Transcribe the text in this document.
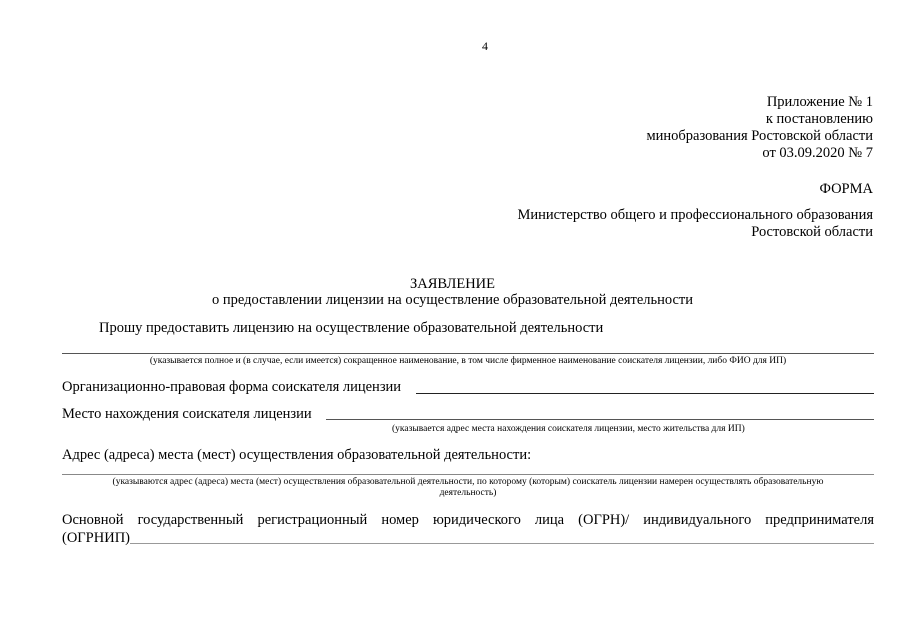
4
Приложение № 1
к постановлению
минобразования Ростовской области
от 03.09.2020 № 7
ФОРМА
Министерство общего и профессионального образования
Ростовской области
ЗАЯВЛЕНИЕ
о предоставлении лицензии на осуществление образовательной деятельности
Прошу предоставить лицензию на осуществление образовательной деятельности
(указывается полное и (в случае, если имеется) сокращенное наименование, в том числе фирменное наименование соискателя лицензии, либо ФИО для ИП)
Организационно-правовая форма соискателя лицензии
Место нахождения соискателя лицензии
(указывается адрес места нахождения соискателя лицензии, место жительства для ИП)
Адрес (адреса) места (мест) осуществления образовательной деятельности:
(указываются адрес (адреса) места (мест) осуществления образовательной деятельности, по которому (которым) соискатель лицензии намерен осуществлять образовательную
деятельность)
Основной государственный регистрационный номер юридического лица (ОГРН)/ индивидуального предпринимателя
(ОГРНИП)
